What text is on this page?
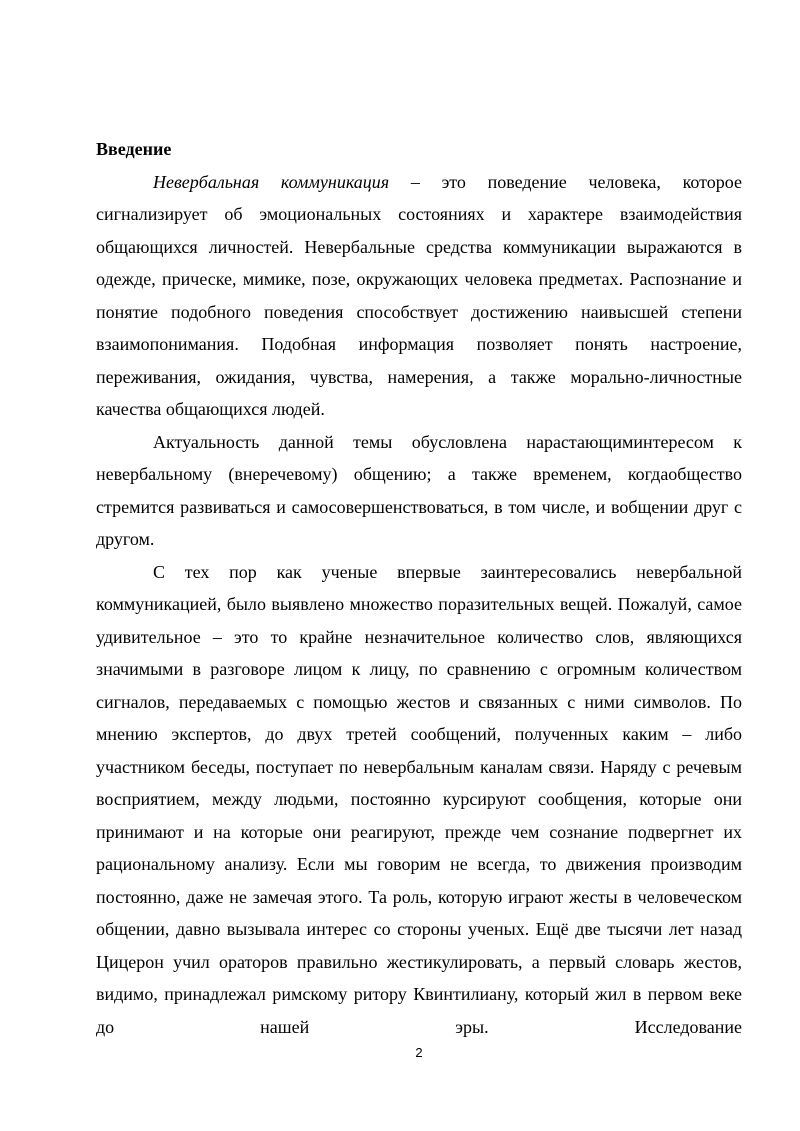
Введение

Невербальная коммуникация – это поведение человека, которое сигнализирует об эмоциональных состояниях и характере взаимодействия общающихся личностей. Невербальные средства коммуникации выражаются в одежде, прическе, мимике, позе, окружающих человека предметах. Распознание и понятие подобного поведения способствует достижению наивысшей степени взаимопонимания. Подобная информация позволяет понять настроение, переживания, ожидания, чувства, намерения, а также морально-личностные качества общающихся людей.

Актуальность данной темы обусловлена нарастающиминтересом к невербальному (внеречевому) общению; а также временем, когдаобщество стремится развиваться и самосовершенствоваться, в том числе, и вобщении друг с другом.

С тех пор как ученые впервые заинтересовались невербальной коммуникацией, было выявлено множество поразительных вещей. Пожалуй, самое удивительное – это то крайне незначительное количество слов, являющихся значимыми в разговоре лицом к лицу, по сравнению с огромным количеством сигналов, передаваемых с помощью жестов и связанных с ними символов. По мнению экспертов, до двух третей сообщений, полученных каким – либо участником беседы, поступает по невербальным каналам связи. Наряду с речевым восприятием, между людьми, постоянно курсируют сообщения, которые они принимают и на которые они реагируют, прежде чем сознание подвергнет их рациональному анализу. Если мы говорим не всегда, то движения производим постоянно, даже не замечая этого. Та роль, которую играют жесты в человеческом общении, давно вызывала интерес со стороны ученых. Ещё две тысячи лет назад Цицерон учил ораторов правильно жестикулировать, а первый словарь жестов, видимо, принадлежал римскому ритору Квинтилиану, который жил в первом веке до нашей эры. Исследование

2
